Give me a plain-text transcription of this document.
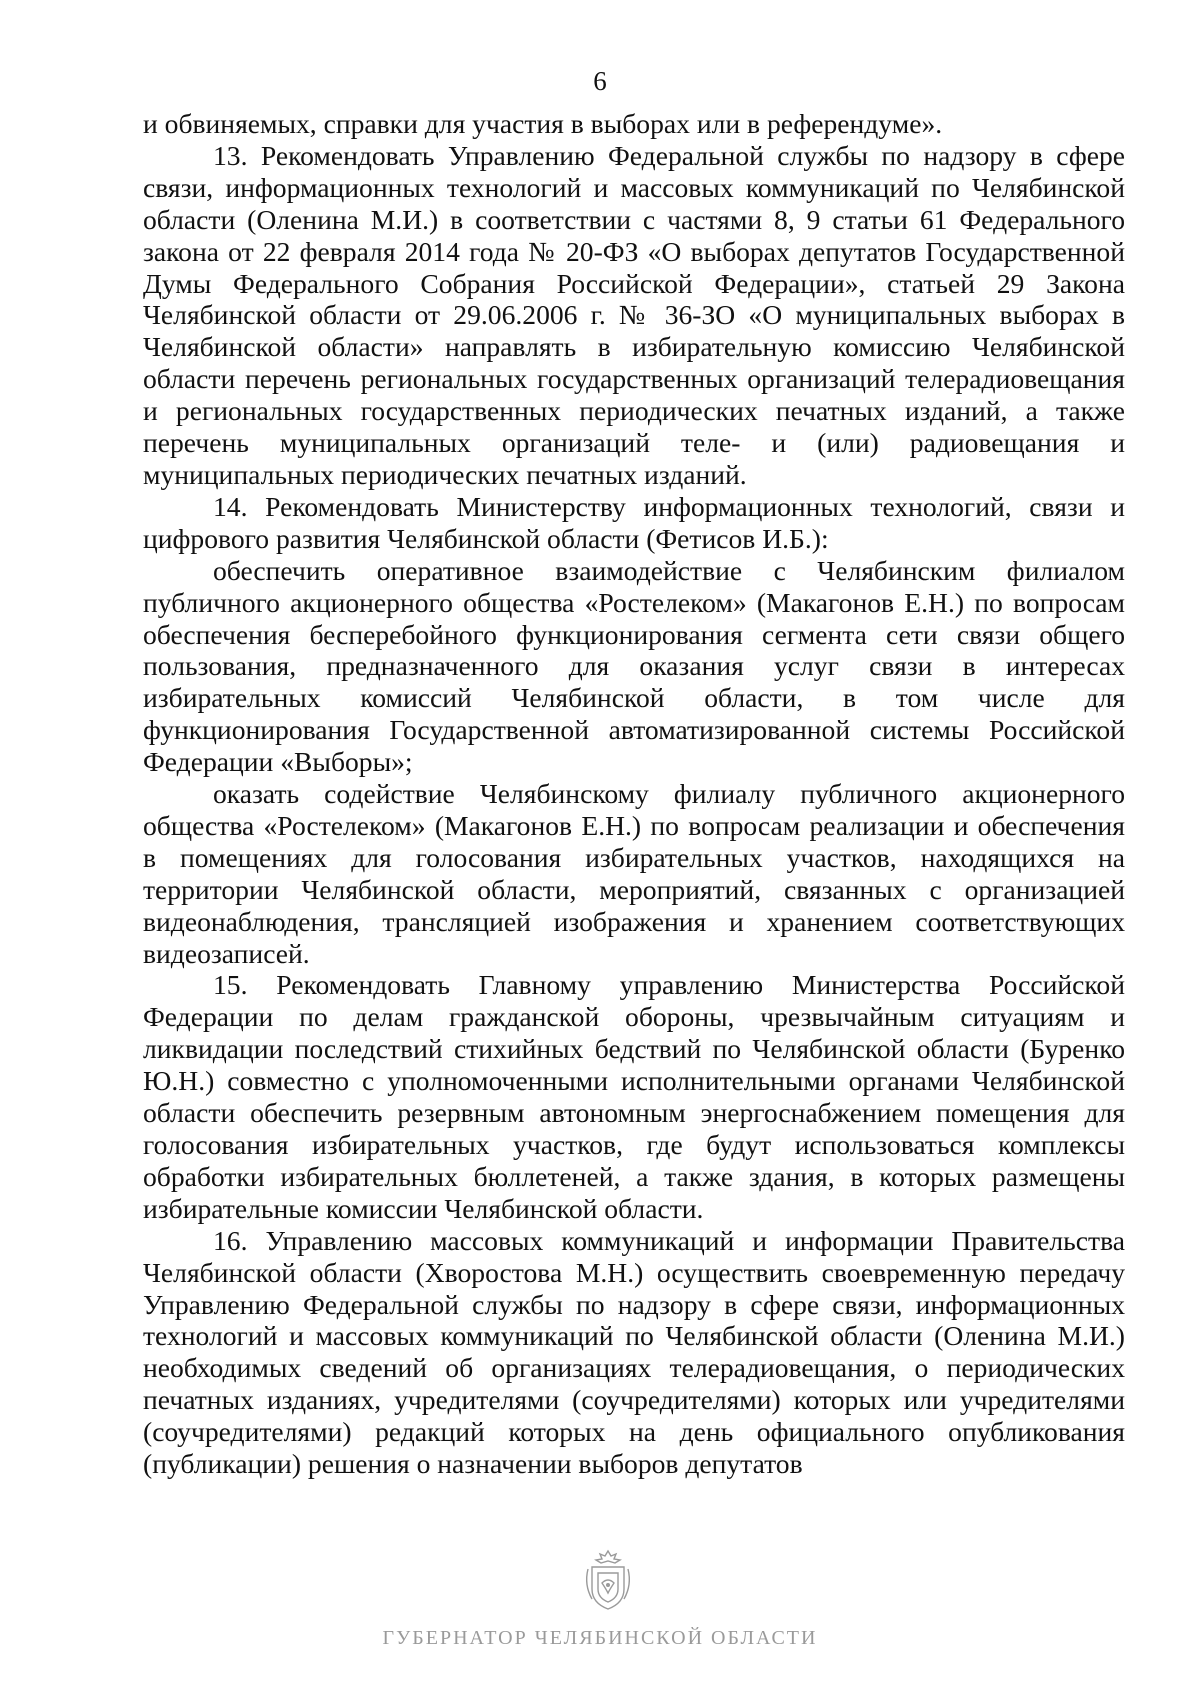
6

и обвиняемых, справки для участия в выборах или в референдуме».

13. Рекомендовать Управлению Федеральной службы по надзору в сфере связи, информационных технологий и массовых коммуникаций по Челябинской области (Оленина М.И.) в соответствии с частями 8, 9 статьи 61 Федерального закона от 22 февраля 2014 года № 20-ФЗ «О выборах депутатов Государственной Думы Федерального Собрания Российской Федерации», статьей 29 Закона Челябинской области от 29.06.2006 г. № 36-ЗО «О муниципальных выборах в Челябинской области» направлять в избирательную комиссию Челябинской области перечень региональных государственных организаций телерадиовещания и региональных государственных периодических печатных изданий, а также перечень муниципальных организаций теле- и (или) радиовещания и муниципальных периодических печатных изданий.

14. Рекомендовать Министерству информационных технологий, связи и цифрового развития Челябинской области (Фетисов И.Б.):

обеспечить оперативное взаимодействие с Челябинским филиалом публичного акционерного общества «Ростелеком» (Макагонов Е.Н.) по вопросам обеспечения бесперебойного функционирования сегмента сети связи общего пользования, предназначенного для оказания услуг связи в интересах избирательных комиссий Челябинской области, в том числе для функционирования Государственной автоматизированной системы Российской Федерации «Выборы»;

оказать содействие Челябинскому филиалу публичного акционерного общества «Ростелеком» (Макагонов Е.Н.) по вопросам реализации и обеспечения в помещениях для голосования избирательных участков, находящихся на территории Челябинской области, мероприятий, связанных с организацией видеонаблюдения, трансляцией изображения и хранением соответствующих видеозаписей.

15. Рекомендовать Главному управлению Министерства Российской Федерации по делам гражданской обороны, чрезвычайным ситуациям и ликвидации последствий стихийных бедствий по Челябинской области (Буренко Ю.Н.) совместно с уполномоченными исполнительными органами Челябинской области обеспечить резервным автономным энергоснабжением помещения для голосования избирательных участков, где будут использоваться комплексы обработки избирательных бюллетеней, а также здания, в которых размещены избирательные комиссии Челябинской области.

16. Управлению массовых коммуникаций и информации Правительства Челябинской области (Хворостова М.Н.) осуществить своевременную передачу Управлению Федеральной службы по надзору в сфере связи, информационных технологий и массовых коммуникаций по Челябинской области (Оленина М.И.) необходимых сведений об организациях телерадиовещания, о периодических печатных изданиях, учредителями (соучредителями) которых или учредителями (соучредителями) редакций которых на день официального опубликования (публикации) решения о назначении выборов депутатов

ГУБЕРНАТОР ЧЕЛЯБИНСКОЙ ОБЛАСТИ
